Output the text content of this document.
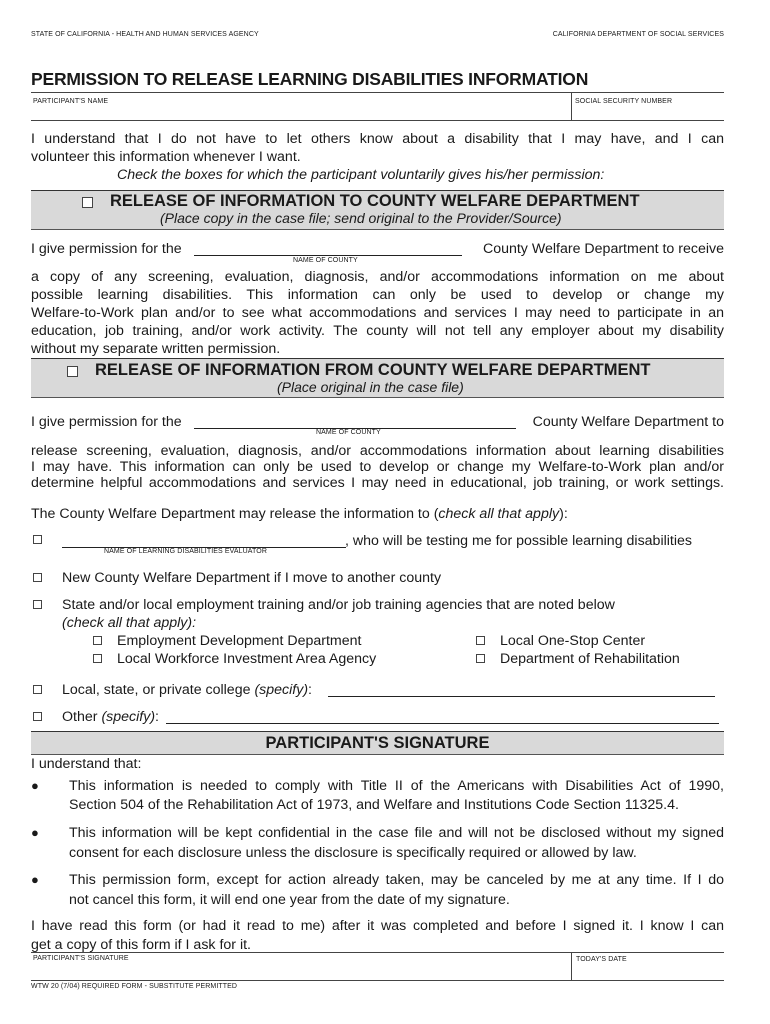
STATE OF CALIFORNIA - HEALTH AND HUMAN SERVICES AGENCY	CALIFORNIA DEPARTMENT OF SOCIAL SERVICES
PERMISSION TO RELEASE LEARNING DISABILITIES INFORMATION
PARTICIPANT'S NAME	SOCIAL SECURITY NUMBER
I understand that I do not have to let others know about a disability that I may have, and I can
volunteer this information whenever I want.
Check the boxes for which the participant voluntarily gives his/her permission:
RELEASE OF INFORMATION TO COUNTY WELFARE DEPARTMENT
(Place copy in the case file; send original to the Provider/Source)
I give permission for the
NAME OF COUNTY
County Welfare Department to receive
a copy of any screening, evaluation, diagnosis, and/or accommodations information on me about
possible learning disabilities. This information can only be used to develop or change my
Welfare-to-Work plan and/or to see what accommodations and services I may need to participate in an
education, job training, and/or work activity. The county will not tell any employer about my disability
without my separate written permission.
RELEASE OF INFORMATION FROM COUNTY WELFARE DEPARTMENT
(Place original in the case file)
I give permission for the
NAME OF COUNTY
County Welfare Department to
release screening, evaluation, diagnosis, and/or accommodations information about learning disabilities
I may have. This information can only be used to develop or change my Welfare-to-Work plan and/or
determine helpful accommodations and services I may need in educational, job training, or work settings.
The County Welfare Department may release the information to (check all that apply):
NAME OF LEARNING DISABILITIES EVALUATOR
, who will be testing me for possible learning disabilities
New County Welfare Department if I move to another county
State and/or local employment training and/or job training agencies that are noted below
(check all that apply):
Employment Development Department
Local Workforce Investment Area Agency
Local One-Stop Center
Department of Rehabilitation
Local, state, or private college (specify):
Other (specify):
PARTICIPANT'S SIGNATURE
I understand that:
● This information is needed to comply with Title II of the Americans with Disabilities Act of 1990,
Section 504 of the Rehabilitation Act of 1973, and Welfare and Institutions Code Section 11325.4.
● This information will be kept confidential in the case file and will not be disclosed without my signed
consent for each disclosure unless the disclosure is specifically required or allowed by law.
● This permission form, except for action already taken, may be canceled by me at any time. If I do
not cancel this form, it will end one year from the date of my signature.
I have read this form (or had it read to me) after it was completed and before I signed it. I know I can
get a copy of this form if I ask for it.
PARTICIPANT'S SIGNATURE	TODAY'S DATE
WTW 20 (7/04) REQUIRED FORM - SUBSTITUTE PERMITTED
